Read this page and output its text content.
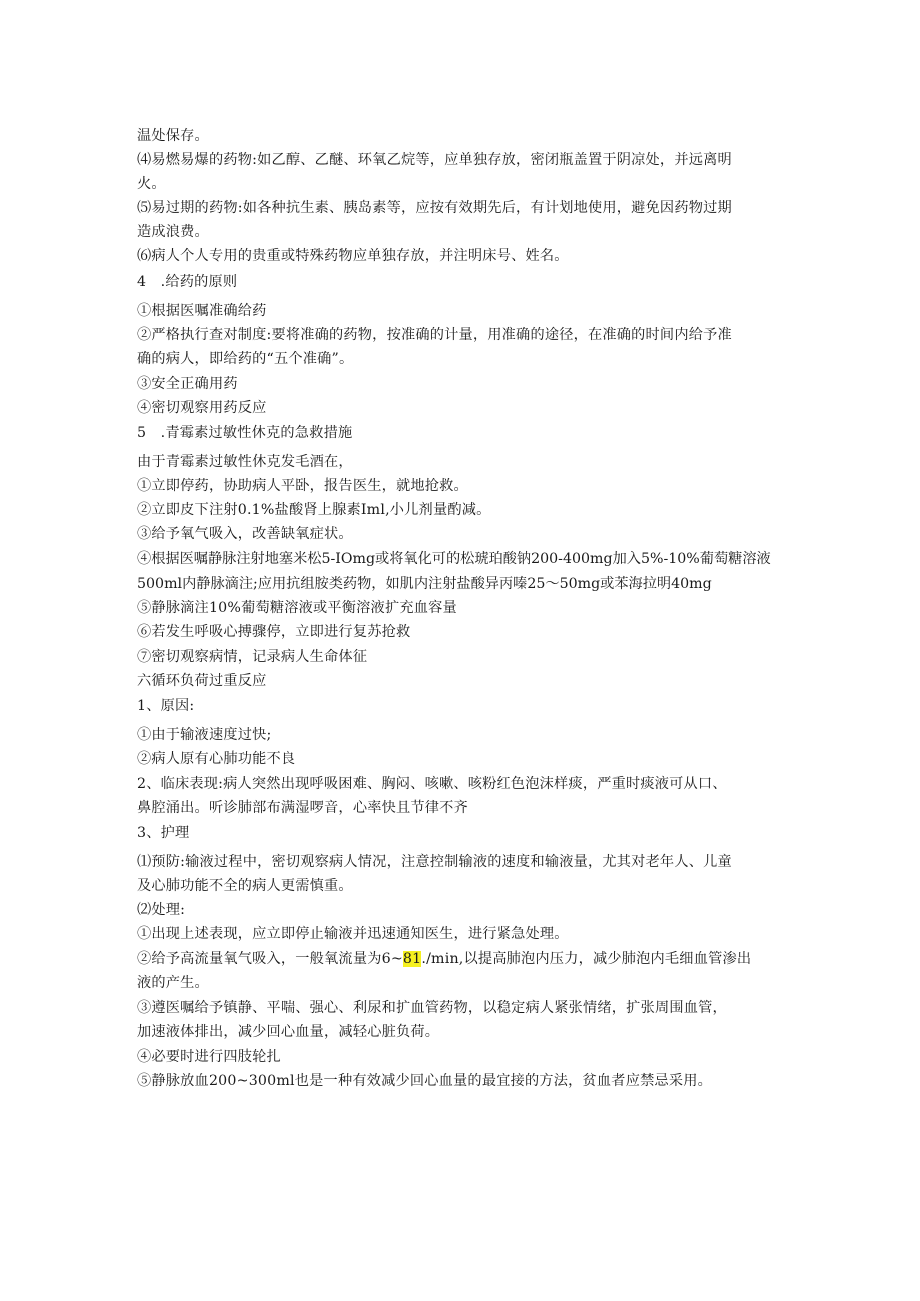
温处保存。
⑷易燃易爆的药物:如乙醇、乙醚、环氧乙烷等，应单独存放，密闭瓶盖置于阴凉处，并远离明
火。
⑸易过期的药物:如各种抗生素、胰岛素等，应按有效期先后，有计划地使用，避免因药物过期
造成浪费。
⑹病人个人专用的贵重或特殊药物应单独存放，并注明床号、姓名。
4　.给药的原则
①根据医嘱准确给药
②严格执行查对制度:要将准确的药物，按准确的计量，用准确的途径，在准确的时间内给予准
确的病人，即给药的“五个准确”。
③安全正确用药
④密切观察用药反应
5　.青霉素过敏性休克的急救措施
由于青霉素过敏性休克发毛酒在，
①立即停药，协助病人平卧，报告医生，就地抢救。
②立即皮下注射0.1%盐酸肾上腺素Iml,小儿剂量酌减。
③给予氧气吸入，改善缺氧症状。
④根据医嘱静脉注射地塞米松5-IOmg或将氧化可的松琥珀酸钠200-400mg加入5%-10%葡萄糖溶液
500ml内静脉滴注;应用抗组胺类药物，如肌内注射盐酸异丙嗪25～50mg或苯海拉明40mg
⑤静脉滴注10%葡萄糖溶液或平衡溶液扩充血容量
⑥若发生呼吸心搏骤停，立即进行复苏抢救
⑦密切观察病情，记录病人生命体征
六循环负荷过重反应
1、原因:
①由于输液速度过快;
②病人原有心肺功能不良
2、临床表现:病人突然出现呼吸困难、胸闷、咳嗽、咳粉红色泡沫样痰，严重时痰液可从口、
鼻腔涌出。听诊肺部布满湿啰音，心率快且节律不齐
3、护理
⑴预防:输液过程中，密切观察病人情况，注意控制输液的速度和输液量，尤其对老年人、儿童
及心肺功能不全的病人更需慎重。
⑵处理:
①出现上述表现，应立即停止输液并迅速通知医生，进行紧急处理。
②给予高流量氧气吸入，一般氧流量为6~81./min,以提高肺泡内压力，减少肺泡内毛细血管渗出
液的产生。
③遵医嘱给予镇静、平喘、强心、利尿和扩血管药物，以稳定病人紧张情绪，扩张周围血管，
加速液体排出，减少回心血量，减轻心脏负荷。
④必要时进行四肢轮扎
⑤静脉放血200~300ml也是一种有效减少回心血量的最宜接的方法，贫血者应禁忌采用。
